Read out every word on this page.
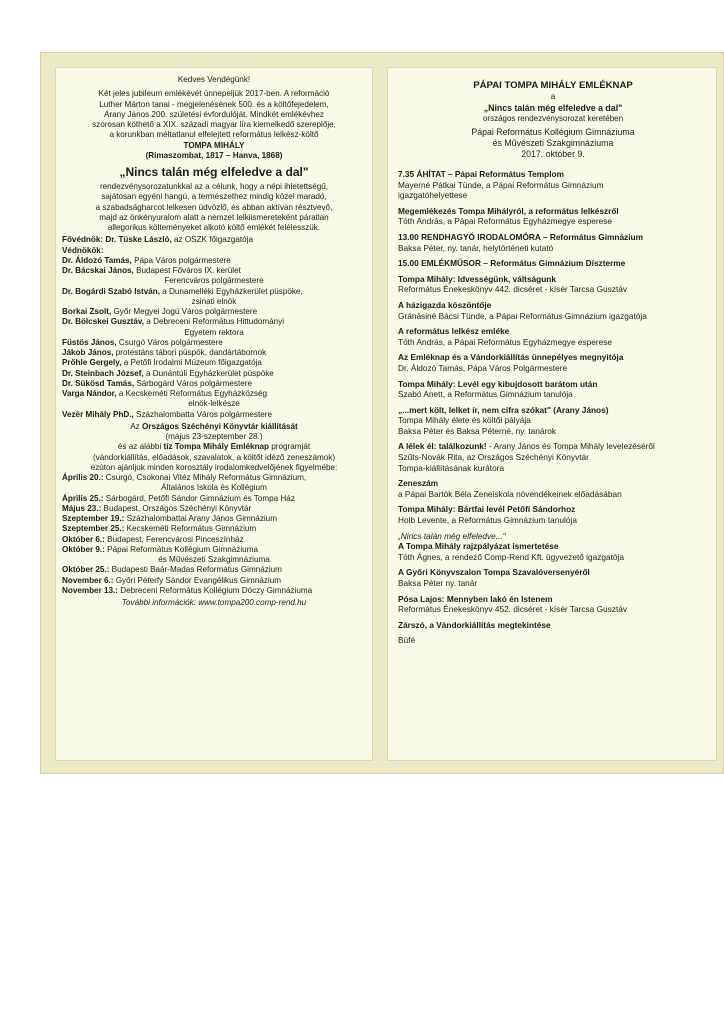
Kedves Vendégünk!
Két jeles jubileum emlékévét ünnepeljük 2017-ben. A reformáció
Luther Márton tanai - megjelenésének 500. és a költőfejedelem,
Arany János 200. születési évfordulóját. Mindkét emlékévhez
szorosan köthető a XIX. századi magyar líra kiemelkedő szereplője,
a korunkban méltatlanul elfelejtett református lelkész-költő
TOMPA MIHÁLY
(Rimaszombat, 1817 – Hanva, 1868)
„Nincs talán még elfeledve a dal"
rendezvénysorozatunkkal az a célunk, hogy a népi ihletettségű,
sajátosan egyéni hangú, a természethez mindig közel maradó,
a szabadságharcot lelkesen üdvözlő, és abban aktívan résztvevő,
majd az önkényuralom alatt a nemzet lelkiismereteként páratlan
allegorikus költeményeket alkotó költő emlékét felélesszük.

Fővédnök: Dr. Tüske László, az OSZK főigazgatója

Védnökök:

Dr. Áldozó Tamás, Pápa Város polgármestere

Dr. Bácskai János, Budapest Főváros IX. kerület

Ferencváros polgármestere

Dr. Bogárdi Szabó István, a Dunamelléki Egyházkerület püspöke,

zsinati elnök

Borkai Zsolt, Győr Megyei Jogú Város polgármestere

Dr. Bölcskei Gusztáv, a Debreceni Református Hittudományi

Egyetem rektora

Füstös János, Csurgó Város polgármestere

Jákob János, protestáns tábori püspök, dandártábornok

Prőhle Gergely, a Petőfi Irodalmi Múzeum főigazgatója

Dr. Steinbach József, a Dunántúli Egyházkerület püspöke

Dr. Sükösd Tamás, Sárbogárd Város polgármestere

Varga Nándor, a Kecskeméti Református Egyházközség

elnök-lelkésze

Vezér Mihály PhD., Százhalombatta Város polgármestere

Az Országos Széchényi Könyvtár kiállítását
(május 23-szeptember 28.)
és az alábbi tíz Tompa Mihály Emléknap programját
(vándorkiállítás, előadások, szavalatok, a költőt idéző zeneszámok)
ezúton ajánljuk minden korosztály irodalomkedvelőjének figyelmébe:
Április 20.: Csurgó, Csokonai Vitéz Mihály Református Gimnázium,
Általános Iskola és Kollégium
Április 25.: Sárbogárd, Petőfi Sándor Gimnázium és Tompa Ház
Május 23.: Budapest, Országos Széchényi Könyvtár
Szeptember 19.: Százhalombattai Arany János Gimnázium
Szeptember 25.: Kecskeméti Református Gimnázium
Október 6.: Budapest, Ferencvárosi Pinceszínház
Október 9.: Pápai Református Kollégium Gimnáziuma
és Művészeti Szakgimnáziuma
Október 25.: Budapesti Baár-Madas Református Gimnázium
November 6.: Győri Péterfy Sándor Evangélikus Gimnázium
November 13.: Debreceni Református Kollégium Dóczy Gimnáziuma
További információk: www.tompa200.comp-rend.hu
PÁPAI TOMPA MIHÁLY EMLÉKNAP
a
„Nincs talán még elfeledve a dal"
országos rendezvénysorozat keretében
Pápai Református Kollégium Gimnáziuma
és Művészeti Szakgimnáziuma
2017. október 9.
7.35 ÁHÍTAT – Pápai Református Templom
Mayerné Pátkai Tünde, a Pápai Református Gimnázium
igazgatóhelyettese
Megemlékezés Tompa Mihályról, a református lelkészről
Tóth András, a Pápai Református Egyházmegye esperese
13.00 RENDHAGYÓ IRODALOMÓRA – Református Gimnázium
Baksa Péter, ny. tanár, helytörténeti kutató
15.00 EMLÉKMŰSOR – Református Gimnázium Díszterme
Tompa Mihály: Idvességünk, váltságunk
Református Énekeskönyv 442. dicséret - kísér Tarcsa Gusztáv
A házigazda köszöntője
Gránásiné Bácsi Tünde, a Pápai Református Gimnázium igazgatója
A református lelkész emléke
Tóth András, a Pápai Református Egyházmegye esperese
Az Emléknap és a Vándorkiállítás ünnepélyes megnyitója
Dr. Áldozó Tamás, Pápa Város Polgármestere
Tompa Mihály: Levél egy kibujdosott barátom után
Szabó Anett, a Református Gimnázium tanulója
„...mert költ, lelket ír, nem cifra szókat" (Arany János)
Tompa Mihály élete és költői pályája
Baksa Péter és Baksa Péterné, ny. tanárok
A lélek él: találkozunk! - Arany János és Tompa Mihály levelezéséről
Szűts-Novák Rita, az Országos Széchényi Könyvtár
Tompa-kiállításának kurátora
Zeneszám
a Pápai Bartók Béla Zeneiskola növendékeinek előadásában
Tompa Mihály: Bártfai levél Petőfi Sándorhoz
Holb Levente, a Református Gimnázium tanulója
„Nincs talán még elfeledve..."
A Tompa Mihály rajzpályázat ismertetése
Tóth Ágnes, a rendező Comp-Rend Kft. ügyvezető igazgatója
A Győri Könyvszalon Tompa Szavalóversenyéről
Baksa Péter ny. tanár
Pósa Lajos: Mennyben lakó én Istenem
Református Énekeskönyv 452. dicséret - kísér Tarcsa Gusztáv
Zárszó, a Vándorkiállítás megtekintése
Büfé
